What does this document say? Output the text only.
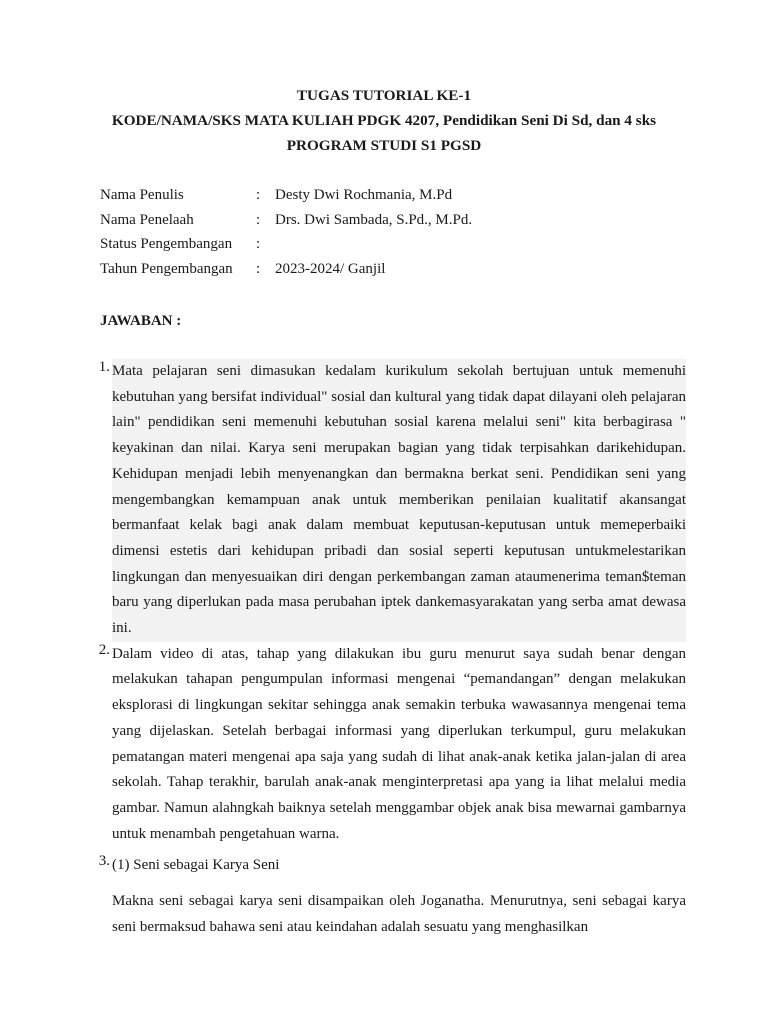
TUGAS TUTORIAL KE-1
KODE/NAMA/SKS MATA KULIAH PDGK 4207, Pendidikan Seni Di Sd, dan 4 sks
PROGRAM STUDI S1 PGSD
Nama Penulis	: Desty Dwi Rochmania, M.Pd
Nama Penelaah	: Drs. Dwi Sambada, S.Pd., M.Pd.
Status Pengembangan	:
Tahun Pengembangan	: 2023-2024/ Ganjil
JAWABAN :
1. Mata pelajaran seni dimasukan kedalam kurikulum sekolah bertujuan untuk memenuhi kebutuhan yang bersifat individual" sosial dan kultural yang tidak dapat dilayani oleh pelajaran lain" pendidikan seni memenuhi kebutuhan sosial karena melalui seni" kita berbagirasa " keyakinan dan nilai. Karya seni merupakan bagian yang tidak terpisahkan darikehidupan. Kehidupan menjadi lebih menyenangkan dan bermakna berkat seni. Pendidikan seni yang mengembangkan kemampuan anak untuk memberikan penilaian kualitatif akansangat bermanfaat kelak bagi anak dalam membuat keputusan-keputusan untuk memeperbaiki dimensi estetis dari kehidupan pribadi dan sosial seperti keputusan untukmelestarikan lingkungan dan menyesuaikan diri dengan perkembangan zaman ataumenerima teman$teman baru yang diperlukan pada masa perubahan iptek dankemasyarakatan yang serba amat dewasa ini.
2. Dalam video di atas, tahap yang dilakukan ibu guru menurut saya sudah benar dengan melakukan tahapan pengumpulan informasi mengenai “pemandangan” dengan melakukan eksplorasi di lingkungan sekitar sehingga anak semakin terbuka wawasannya mengenai tema yang dijelaskan. Setelah berbagai informasi yang diperlukan terkumpul, guru melakukan pematangan materi mengenai apa saja yang sudah di lihat anak-anak ketika jalan-jalan di area sekolah. Tahap terakhir, barulah anak-anak menginterpretasi apa yang ia lihat melalui media gambar. Namun alahngkah baiknya setelah menggambar objek anak bisa mewarnai gambarnya untuk menambah pengetahuan warna.
3. (1) Seni sebagai Karya Seni
Makna seni sebagai karya seni disampaikan oleh Joganatha. Menurutnya, seni sebagai karya seni bermaksud bahawa seni atau keindahan adalah sesuatu yang menghasilkan
